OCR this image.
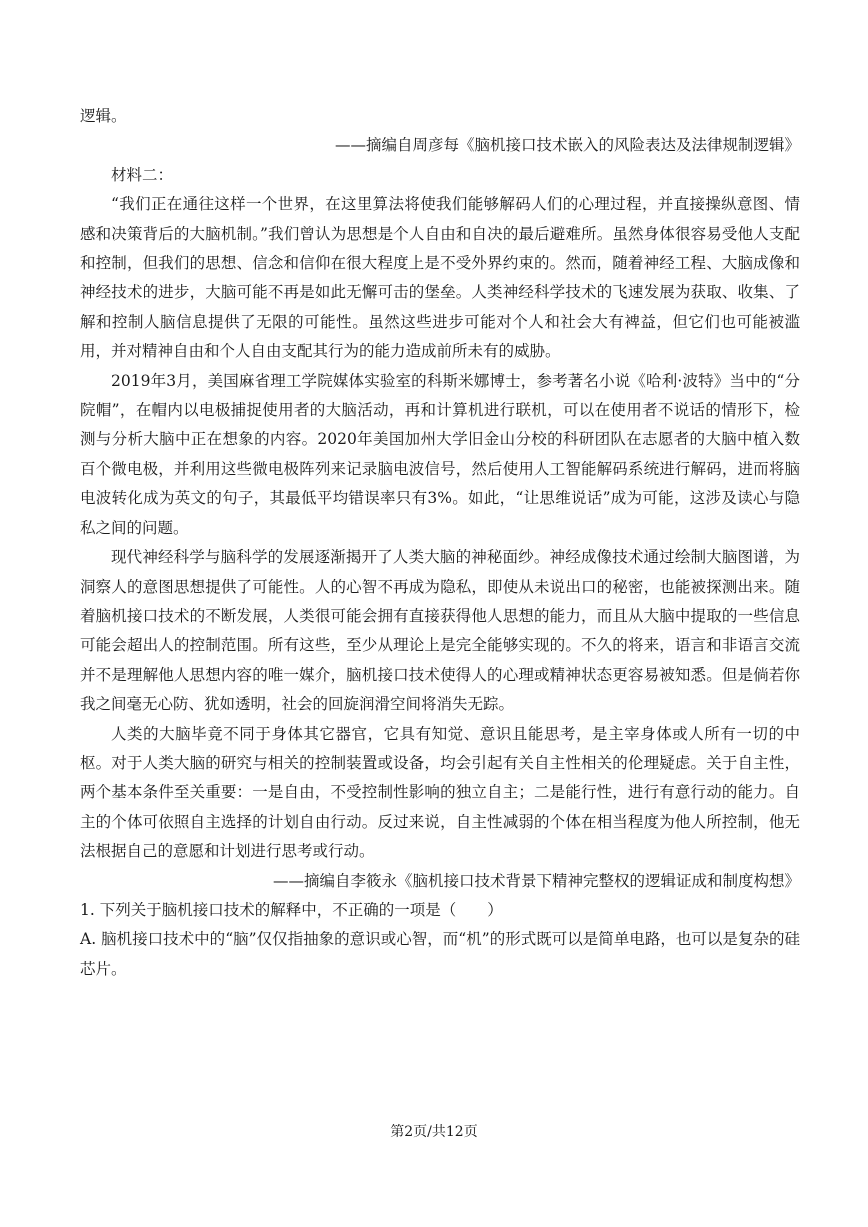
逻辑。

——摘编自周彦每《脑机接口技术嵌入的风险表达及法律规制逻辑》

材料二：

“我们正在通往这样一个世界，在这里算法将使我们能够解码人们的心理过程，并直接操纵意图、情感和决策背后的大脑机制。”我们曾认为思想是个人自由和自决的最后避难所。虽然身体很容易受他人支配和控制，但我们的思想、信念和信仰在很大程度上是不受外界约束的。然而，随着神经工程、大脑成像和神经技术的进步，大脑可能不再是如此无懈可击的堡垒。人类神经科学技术的飞速发展为获取、收集、了解和控制人脑信息提供了无限的可能性。虽然这些进步可能对个人和社会大有裨益，但它们也可能被滥用，并对精神自由和个人自由支配其行为的能力造成前所未有的威胁。

2019年3月，美国麻省理工学院媒体实验室的科斯米娜博士，参考著名小说《哈利·波特》当中的“分院帽”，在帽内以电极捕捉使用者的大脑活动，再和计算机进行联机，可以在使用者不说话的情形下，检测与分析大脑中正在想象的内容。2020年美国加州大学旧金山分校的科研团队在志愿者的大脑中植入数百个微电极，并利用这些微电极阵列来记录脑电波信号，然后使用人工智能解码系统进行解码，进而将脑电波转化成为英文的句子，其最低平均错误率只有3%。如此，“让思维说话”成为可能，这涉及读心与隐私之间的问题。

现代神经科学与脑科学的发展逐渐揭开了人类大脑的神秘面纱。神经成像技术通过绘制大脑图谱，为洞察人的意图思想提供了可能性。人的心智不再成为隐私，即使从未说出口的秘密，也能被探测出来。随着脑机接口技术的不断发展，人类很可能会拥有直接获得他人思想的能力，而且从大脑中提取的一些信息可能会超出人的控制范围。所有这些，至少从理论上是完全能够实现的。不久的将来，语言和非语言交流并不是理解他人思想内容的唯一媒介，脑机接口技术使得人的心理或精神状态更容易被知悉。但是倘若你我之间毫无心防、犹如透明，社会的回旋润滑空间将消失无踪。

人类的大脑毕竟不同于身体其它器官，它具有知觉、意识且能思考，是主宰身体或人所有一切的中枢。对于人类大脑的研究与相关的控制装置或设备，均会引起有关自主性相关的伦理疑虑。关于自主性，两个基本条件至关重要：一是自由，不受控制性影响的独立自主；二是能行性，进行有意行动的能力。自主的个体可依照自主选择的计划自由行动。反过来说，自主性减弱的个体在相当程度为他人所控制，他无法根据自己的意愿和计划进行思考或行动。

——摘编自李筱永《脑机接口技术背景下精神完整权的逻辑证成和制度构想》

1. 下列关于脑机接口技术的解释中，不正确的一项是（　　）

A. 脑机接口技术中的“脑”仅仅指抽象的意识或心智，而“机”的形式既可以是简单电路，也可以是复杂的硅芯片。

第2页/共12页
